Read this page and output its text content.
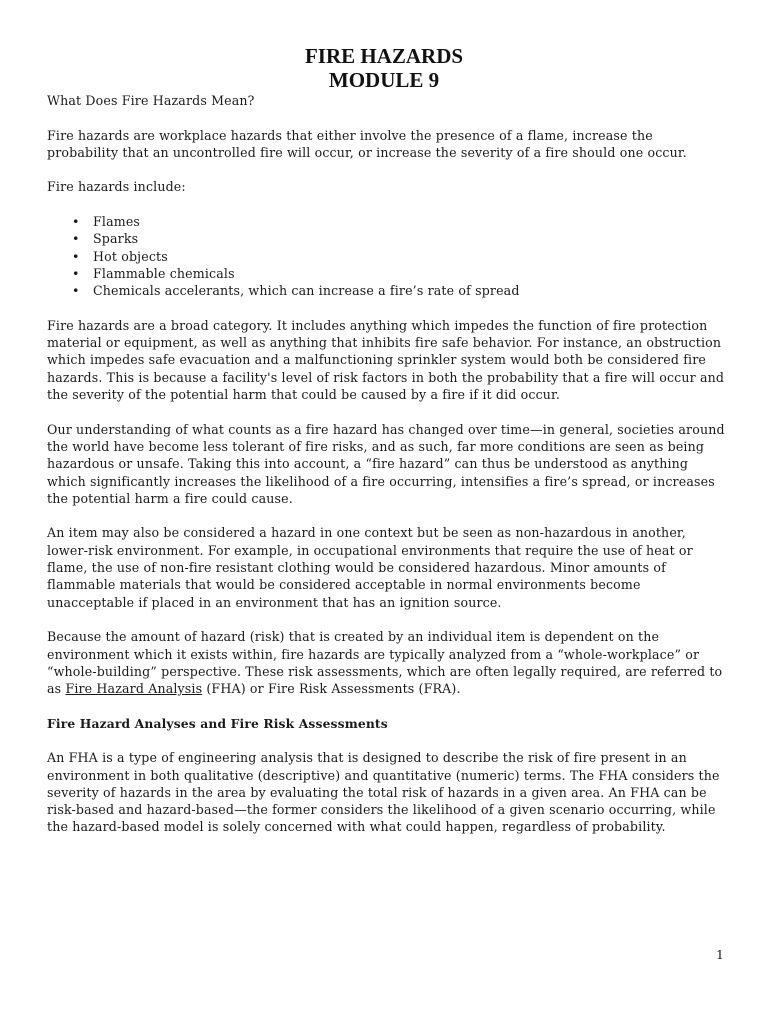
FIRE HAZARDS
MODULE 9

What Does Fire Hazards Mean?

Fire hazards are workplace hazards that either involve the presence of a flame, increase the probability that an uncontrolled fire will occur, or increase the severity of a fire should one occur.

Fire hazards include:

• Flames
• Sparks
• Hot objects
• Flammable chemicals
• Chemicals accelerants, which can increase a fire’s rate of spread

Fire hazards are a broad category. It includes anything which impedes the function of fire protection material or equipment, as well as anything that inhibits fire safe behavior. For instance, an obstruction which impedes safe evacuation and a malfunctioning sprinkler system would both be considered fire hazards. This is because a facility's level of risk factors in both the probability that a fire will occur and the severity of the potential harm that could be caused by a fire if it did occur.

Our understanding of what counts as a fire hazard has changed over time—in general, societies around the world have become less tolerant of fire risks, and as such, far more conditions are seen as being hazardous or unsafe. Taking this into account, a “fire hazard” can thus be understood as anything which significantly increases the likelihood of a fire occurring, intensifies a fire’s spread, or increases the potential harm a fire could cause.

An item may also be considered a hazard in one context but be seen as non-hazardous in another, lower-risk environment. For example, in occupational environments that require the use of heat or flame, the use of non-fire resistant clothing would be considered hazardous. Minor amounts of flammable materials that would be considered acceptable in normal environments become unacceptable if placed in an environment that has an ignition source.

Because the amount of hazard (risk) that is created by an individual item is dependent on the environment which it exists within, fire hazards are typically analyzed from a “whole-workplace” or “whole-building” perspective. These risk assessments, which are often legally required, are referred to as Fire Hazard Analysis (FHA) or Fire Risk Assessments (FRA).

Fire Hazard Analyses and Fire Risk Assessments

An FHA is a type of engineering analysis that is designed to describe the risk of fire present in an environment in both qualitative (descriptive) and quantitative (numeric) terms. The FHA considers the severity of hazards in the area by evaluating the total risk of hazards in a given area. An FHA can be risk-based and hazard-based—the former considers the likelihood of a given scenario occurring, while the hazard-based model is solely concerned with what could happen, regardless of probability.

1
